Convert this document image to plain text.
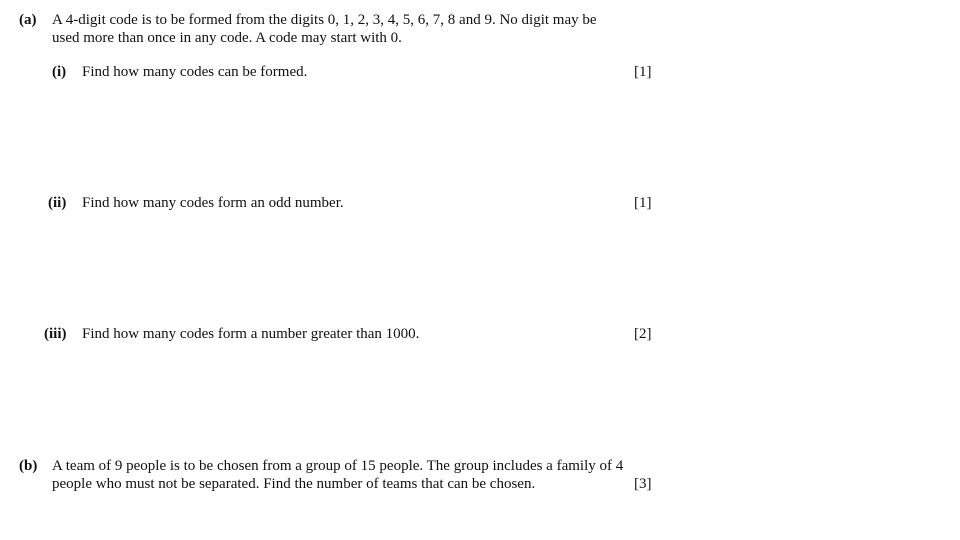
(a) A 4-digit code is to be formed from the digits 0, 1, 2, 3, 4, 5, 6, 7, 8 and 9. No digit may be
used more than once in any code. A code may start with 0.
(i) Find how many codes can be formed.	[1]
(ii) Find how many codes form an odd number.	[1]
(iii) Find how many codes form a number greater than 1000.	[2]
(b) A team of 9 people is to be chosen from a group of 15 people. The group includes a family of 4
people who must not be separated. Find the number of teams that can be chosen.	[3]
